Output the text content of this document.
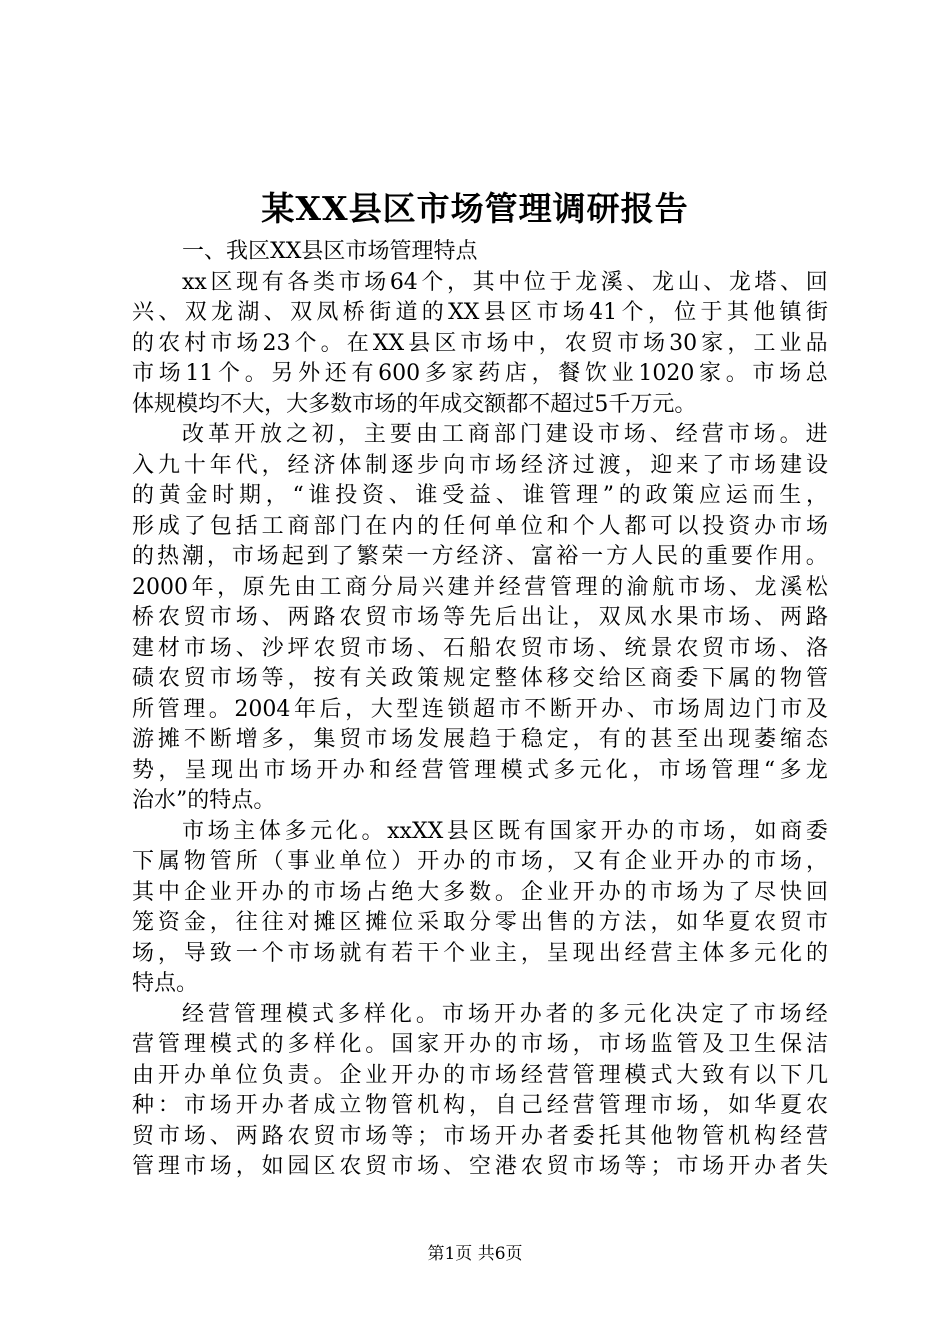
某XX县区市场管理调研报告
一 、 我 区 XX 县 区 市 场 管 理 特 点
xx 区 现 有 各 类 市 场 64 个 ， 其 中 位 于 龙 溪 、 龙 山 、 龙 塔 、 回
兴 、 双 龙 湖 、 双 凤 桥 街 道 的 XX 县 区 市 场 41 个 ， 位 于 其 他 镇 街
的 农 村 市 场 23 个 。 在 XX 县 区 市 场 中 ， 农 贸 市 场 30 家 ， 工 业 品
市 场 11 个 。 另 外 还 有 600 多 家 药 店 ， 餐 饮 业 1020 家 。 市 场 总
体 规 模 均 不 大 ， 大 多 数 市 场 的 年 成 交 额 都 不 超 过 5 千 万 元 。
改 革 开 放 之 初 ， 主 要 由 工 商 部 门 建 设 市 场 、 经 营 市 场 。 进
入 九 十 年 代 ， 经 济 体 制 逐 步 向 市 场 经 济 过 渡 ， 迎 来 了 市 场 建 设
的 黄 金 时 期 ， “ 谁 投 资 、 谁 受 益 、 谁 管 理 ” 的 政 策 应 运 而 生 ，
形 成 了 包 括 工 商 部 门 在 内 的 任 何 单 位 和 个 人 都 可 以 投 资 办 市 场
的 热 潮 ， 市 场 起 到 了 繁 荣 一 方 经 济 、 富 裕 一 方 人 民 的 重 要 作 用 。
2000 年 ， 原 先 由 工 商 分 局 兴 建 并 经 营 管 理 的 渝 航 市 场 、 龙 溪 松
桥 农 贸 市 场 、 两 路 农 贸 市 场 等 先 后 出 让 ， 双 凤 水 果 市 场 、 两 路
建 材 市 场 、 沙 坪 农 贸 市 场 、 石 船 农 贸 市 场 、 统 景 农 贸 市 场 、 洛
碛 农 贸 市 场 等 ， 按 有 关 政 策 规 定 整 体 移 交 给 区 商 委 下 属 的 物 管
所 管 理 。 2004 年 后 ， 大 型 连 锁 超 市 不 断 开 办 、 市 场 周 边 门 市 及
游 摊 不 断 增 多 ， 集 贸 市 场 发 展 趋 于 稳 定 ， 有 的 甚 至 出 现 萎 缩 态
势 ， 呈 现 出 市 场 开 办 和 经 营 管 理 模 式 多 元 化 ， 市 场 管 理 “ 多 龙
治 水 ” 的 特 点 。
市 场 主 体 多 元 化 。 xxXX 县 区 既 有 国 家 开 办 的 市 场 ， 如 商 委
下 属 物 管 所 （ 事 业 单 位 ） 开 办 的 市 场 ， 又 有 企 业 开 办 的 市 场 ，
其 中 企 业 开 办 的 市 场 占 绝 大 多 数 。 企 业 开 办 的 市 场 为 了 尽 快 回
笼 资 金 ， 往 往 对 摊 区 摊 位 采 取 分 零 出 售 的 方 法 ， 如 华 夏 农 贸 市
场 ， 导 致 一 个 市 场 就 有 若 干 个 业 主 ， 呈 现 出 经 营 主 体 多 元 化 的
特 点 。
经 营 管 理 模 式 多 样 化 。 市 场 开 办 者 的 多 元 化 决 定 了 市 场 经
营 管 理 模 式 的 多 样 化 。 国 家 开 办 的 市 场 ， 市 场 监 管 及 卫 生 保 洁
由 开 办 单 位 负 责 。 企 业 开 办 的 市 场 经 营 管 理 模 式 大 致 有 以 下 几
种 ： 市 场 开 办 者 成 立 物 管 机 构 ， 自 己 经 营 管 理 市 场 ， 如 华 夏 农
贸 市 场 、 两 路 农 贸 市 场 等 ； 市 场 开 办 者 委 托 其 他 物 管 机 构 经 营
管 理 市 场 ， 如 园 区 农 贸 市 场 、 空 港 农 贸 市 场 等 ； 市 场 开 办 者 失
第1页 共6页
